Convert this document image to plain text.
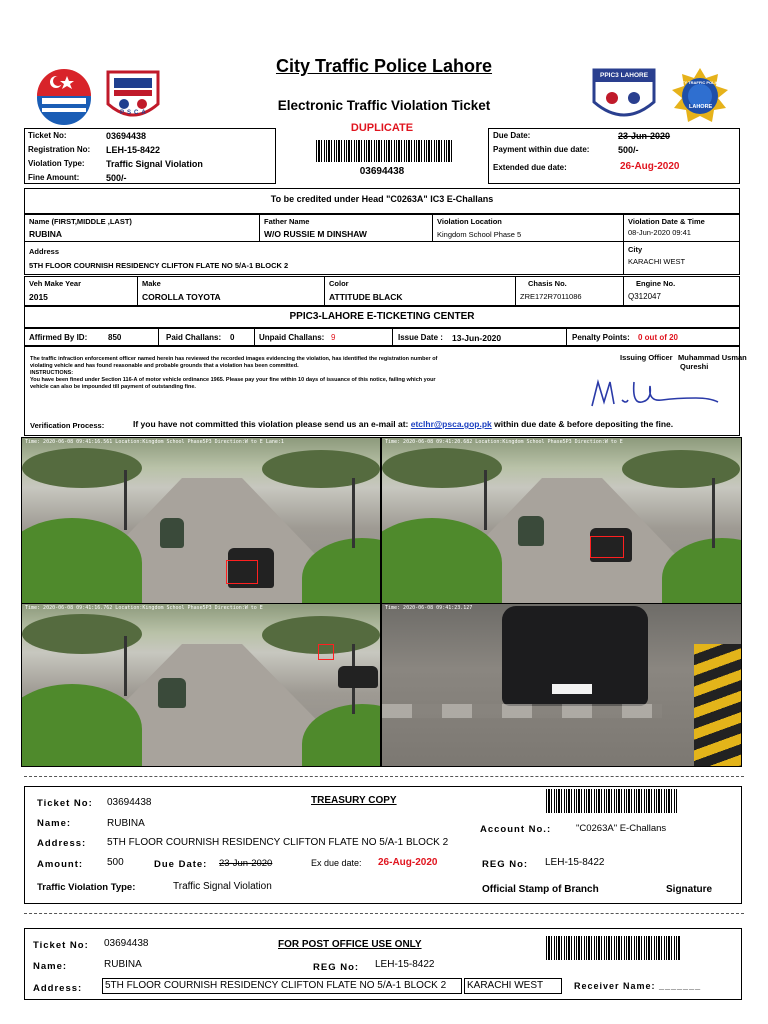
PSCA
City Traffic Police Lahore
Electronic Traffic Violation Ticket
PPIC3 LAHORE
CITY TRAFFIC POLICE
LAHORE
Ticket No:	03694438
Registration No: LEH-15-8422
Violation Type: Traffic Signal Violation
Fine Amount:	500/-
DUPLICATE
03694438
Due Date:	23-Jun-2020
Payment within due date:	500/-
Extended due date:	26-Aug-2020
To be credited under Head "C0263A" IC3 E-Challans
Name (FIRST,MIDDLE ,LAST)
RUBINA
Father Name
W/O RUSSIE M DINSHAW
Violation Location
Kingdom School Phase 5
Violation Date & Time
08-Jun-2020 09:41
Address
5TH FLOOR COURNISH RESIDENCY CLIFTON FLATE NO 5/A-1 BLOCK 2
City
KARACHI WEST
Veh Make Year
2015
Make
COROLLA TOYOTA
Color
ATTITUDE BLACK
Chasis No.
ZRE172R7011086
Engine No.
Q312047
PPIC3-LAHORE E-TICKETING CENTER
Affirmed By ID:	850	Paid Challans: 0	Unpaid Challans: 9	Issue Date : 13-Jun-2020	Penalty Points: 0 out of 20
The traffic infraction enforcement officer named herein has reviewed the recorded images evidencing the violation, has identified the registration number of
violating vehicle and has found reasonable and probable grounds that a violation has been committed.
INSTRUCTIONS:
You have been fined under Section 116-A of motor vehicle ordinance 1965. Please pay your fine within 10 days of issuance of this notice, failing which your
vehicle can also be impounded till payment of outstanding fine.
Issuing Officer Muhammad Usman
Qureshi
Verification Process:	If you have not committed this violation please send us an e-mail at: etclhr@psca.gop.pk within due date & before depositing the fine.
Time: 2020-06-08 09:41:16.561 Location:Kingdom School Phase5P3 Direction:W to E Lane:1	Time: 2020-06-08 09:41:20.682 Location:Kingdom School Phase5P3 Direction:W to E
Time: 2020-06-08 09:41:16.762 Location:Kingdom School Phase5P3 Direction:W to E	Time: 2020-06-08 09:41:23.127
Ticket No: 03694438	TREASURY COPY
Name:	RUBINA
Account No.:	"C0263A" E-Challans
Address: 5TH FLOOR COURNISH RESIDENCY CLIFTON FLATE NO 5/A-1 BLOCK 2
Amount: 500	Due Date: 23-Jun-2020	Ex due date: 26-Aug-2020	REG No: LEH-15-8422
Traffic Violation Type:	Traffic Signal Violation	Official Stamp of Branch	Signature
Ticket No: 03694438	FOR POST OFFICE USE ONLY
Name:	RUBINA	REG No: LEH-15-8422
Address: 5TH FLOOR COURNISH RESIDENCY CLIFTON FLATE NO 5/A-1 BLOCK 2 KARACHI WEST	Receiver Name: _______
